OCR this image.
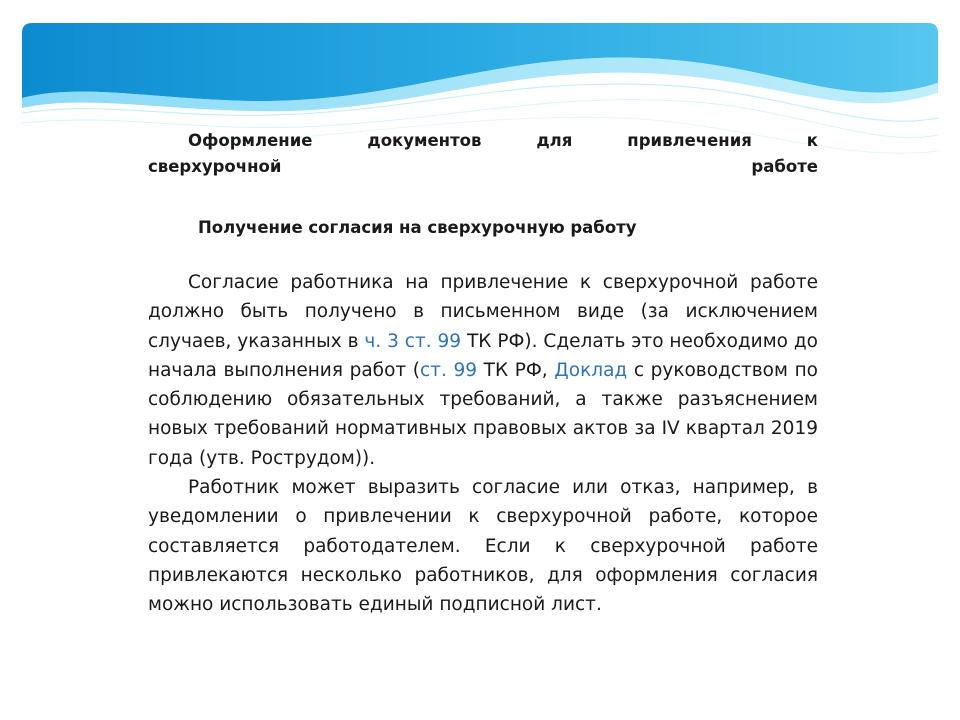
Оформление документов для привлечения к
сверхурочной работе

Получение согласия на сверхурочную работу

Согласие работника на привлечение к сверхурочной работе должно быть получено в письменном виде (за исключением случаев, указанных в ч. 3 ст. 99 ТК РФ). Сделать это необходимо до начала выполнения работ (ст. 99 ТК РФ, Доклад с руководством по соблюдению обязательных требований, а также разъяснением новых требований нормативных правовых актов за IV квартал 2019 года (утв. Рострудом)).

Работник может выразить согласие или отказ, например, в уведомлении о привлечении к сверхурочной работе, которое составляется работодателем. Если к сверхурочной работе привлекаются несколько работников, для оформления согласия можно использовать единый подписной лист.
